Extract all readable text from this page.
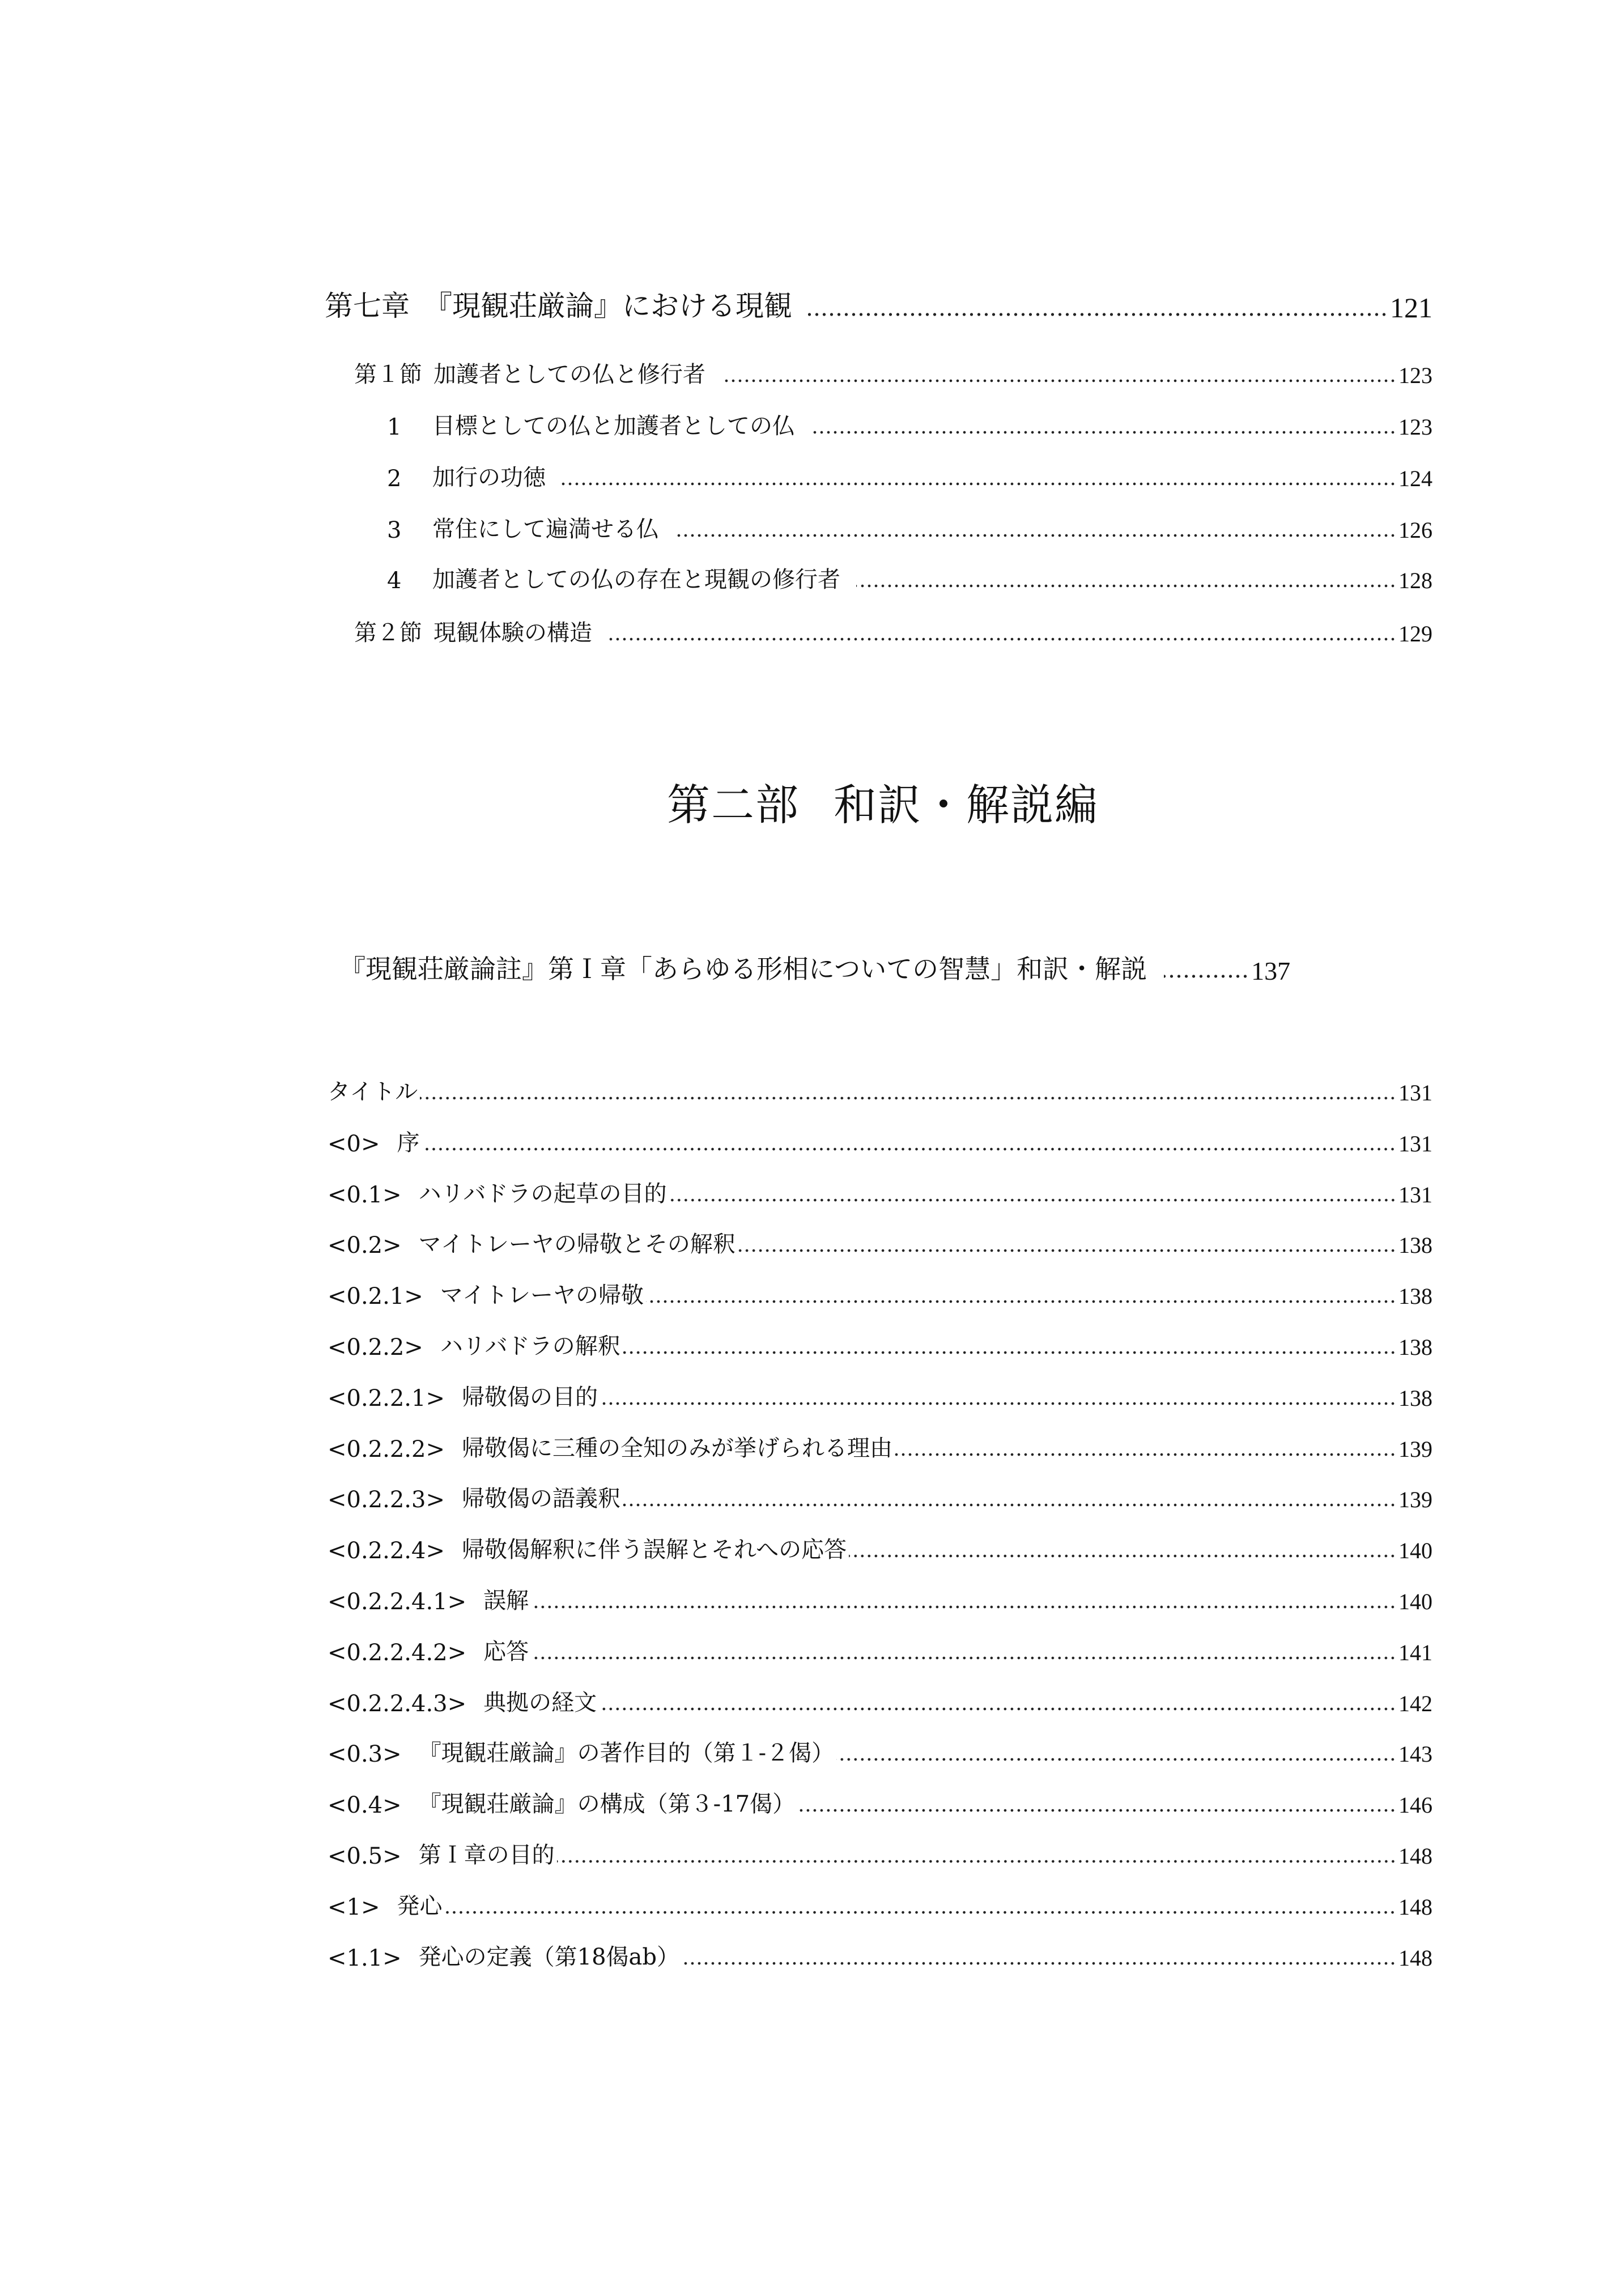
第七章　『現観荘厳論』における現観	121
第１節 加護者としての仏と修行者	123
1	目標としての仏と加護者としての仏	123
2	加行の功徳	124
3	常住にして遍満せる仏	126
4	加護者としての仏の存在と現観の修行者	128
第２節 現観体験の構造	129
第二部 和訳・解説編
『現観荘厳論註』第Ｉ章「あらゆる形相についての智慧」和訳・解説	137
タイトル	131
<0> 序	131
<0.1> ハリバドラの起草の目的	131
<0.2> マイトレーヤの帰敬とその解釈	138
<0.2.1> マイトレーヤの帰敬	138
<0.2.2> ハリバドラの解釈	138
<0.2.2.1> 帰敬偈の目的	138
<0.2.2.2> 帰敬偈に三種の全知のみが挙げられる理由	139
<0.2.2.3> 帰敬偈の語義釈	139
<0.2.2.4> 帰敬偈解釈に伴う誤解とそれへの応答	140
<0.2.2.4.1> 誤解	140
<0.2.2.4.2> 応答	141
<0.2.2.4.3> 典拠の経文	142
<0.3> 『現観荘厳論』の著作目的（第１-２偈）	143
<0.4> 『現観荘厳論』の構成（第３-17偈）	146
<0.5> 第Ｉ章の目的	148
<1> 発心	148
<1.1> 発心の定義（第18偈ab）	148
